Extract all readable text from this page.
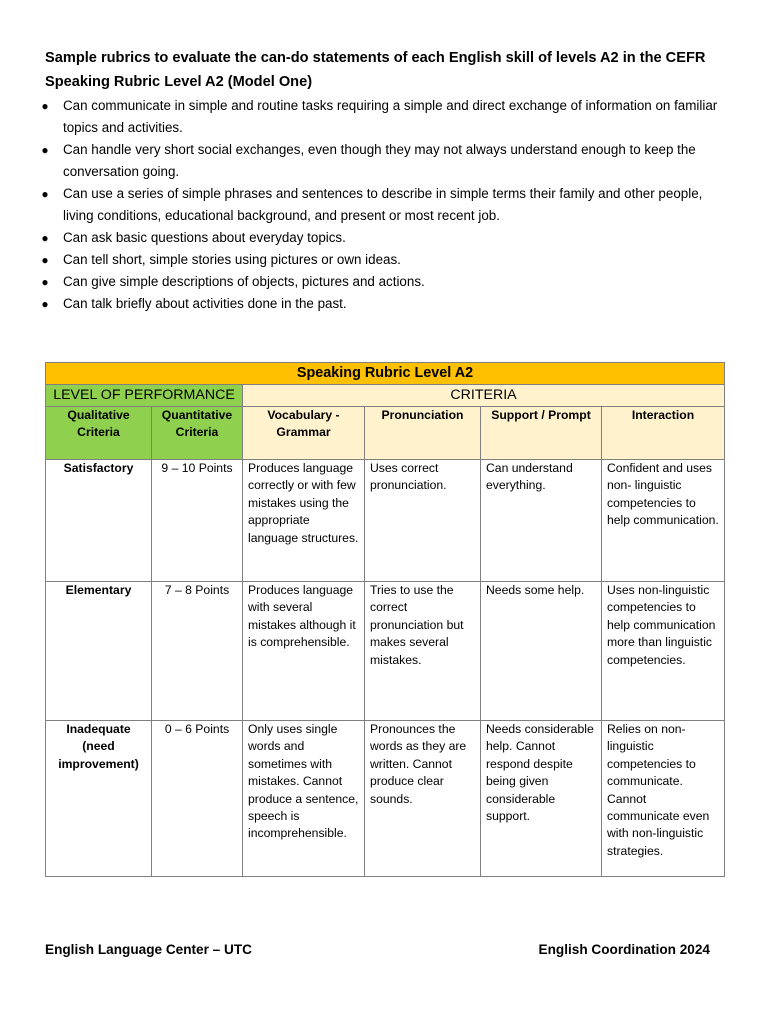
Sample rubrics to evaluate the can-do statements of each English skill of levels A2 in the CEFR

Speaking Rubric Level A2 (Model One)

● Can communicate in simple and routine tasks requiring a simple and direct exchange of information on familiar topics and activities.
● Can handle very short social exchanges, even though they may not always understand enough to keep the conversation going.
● Can use a series of simple phrases and sentences to describe in simple terms their family and other people, living conditions, educational background, and present or most recent job.
● Can ask basic questions about everyday topics.
● Can tell short, simple stories using pictures or own ideas.
● Can give simple descriptions of objects, pictures and actions.
● Can talk briefly about activities done in the past.
Speaking Rubric Level A2					
LEVEL OF PERFORMANCE		CRITERIA			
Qualitative Criteria	Quantitative Criteria	Vocabulary - Grammar	Pronunciation	Support / Prompt	Interaction
Satisfactory	9 – 10 Points	Produces language correctly or with few mistakes using the appropriate language structures.	Uses correct pronunciation.	Can understand everything.	Confident and uses non- linguistic competencies to help communication.
Elementary	7 – 8 Points	Produces language with several mistakes although it is comprehensible.	Tries to use the correct pronunciation but makes several mistakes.	Needs some help.	Uses non-linguistic competencies to help communication more than linguistic competencies.
Inadequate (need improvement)	0 – 6 Points	Only uses single words and sometimes with mistakes. Cannot produce a sentence, speech is incomprehensible.	Pronounces the words as they are written. Cannot produce clear sounds.	Needs considerable help. Cannot respond despite being given considerable support.	Relies on non-linguistic competencies to communicate. Cannot communicate even with non-linguistic strategies.
English Language Center – UTC	English Coordination 2024
